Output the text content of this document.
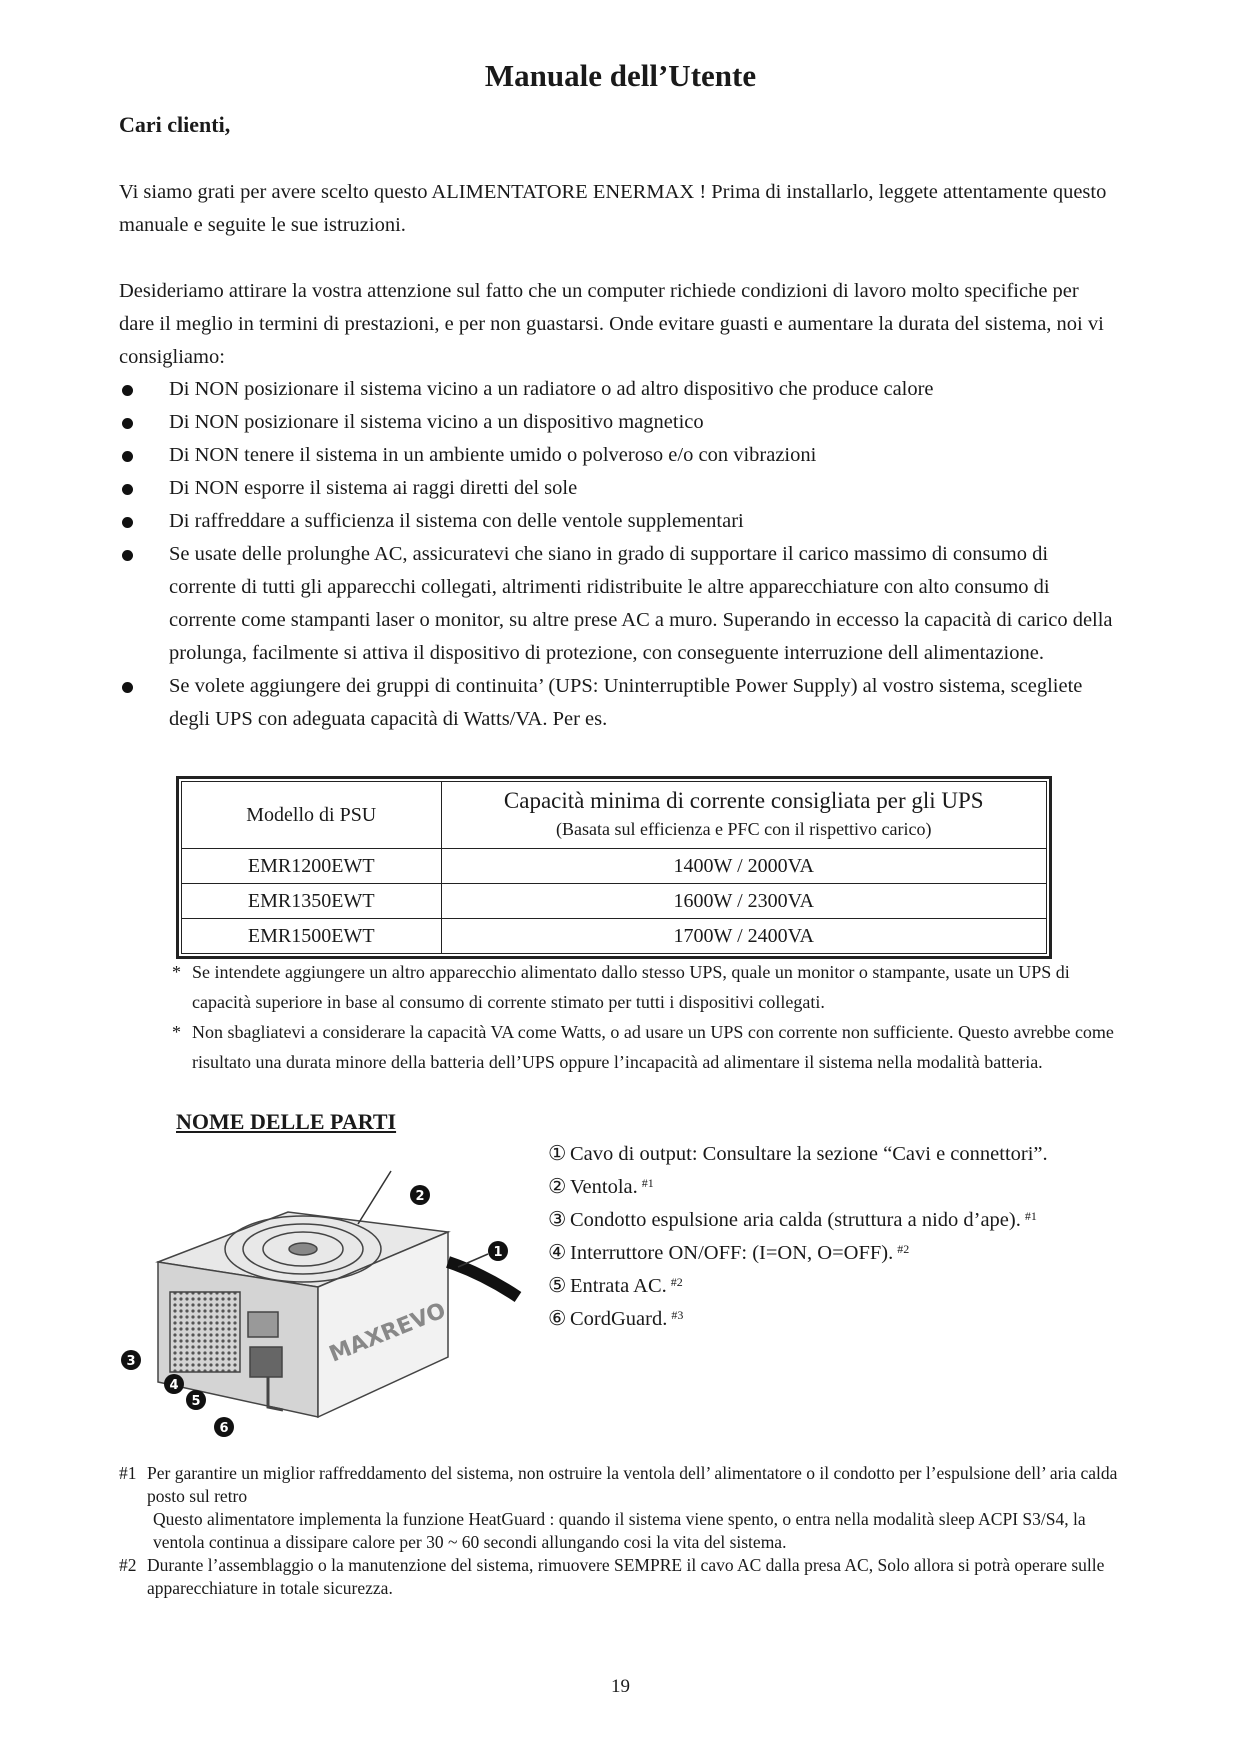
Manuale dell’Utente
Cari clienti,
Vi siamo grati per avere scelto questo ALIMENTATORE ENERMAX ! Prima di installarlo, leggete attentamente questo manuale e seguite le sue istruzioni.
Desideriamo attirare la vostra attenzione sul fatto che un computer richiede condizioni di lavoro molto specifiche per dare il meglio in termini di prestazioni, e per non guastarsi. Onde evitare guasti e aumentare la durata del sistema, noi vi consigliamo:
Di NON posizionare il sistema vicino a un radiatore o ad altro dispositivo che produce calore
Di NON posizionare il sistema vicino a un dispositivo magnetico
Di NON tenere il sistema in un ambiente umido o polveroso e/o con vibrazioni
Di NON esporre il sistema ai raggi diretti del sole
Di raffreddare a sufficienza il sistema con delle ventole supplementari
Se usate delle prolunghe AC, assicuratevi che siano in grado di supportare il carico massimo di consumo di corrente di tutti gli apparecchi collegati, altrimenti ridistribuite le altre apparecchiature con alto consumo di corrente come stampanti laser o monitor, su altre prese AC a muro. Superando in eccesso la capacità di carico della prolunga, facilmente si attiva il dispositivo di protezione, con conseguente interruzione dell alimentazione.
Se volete aggiungere dei gruppi di continuita’ (UPS: Uninterruptible Power Supply) al vostro sistema, scegliete degli UPS con adeguata capacità di Watts/VA. Per es.
Modello di PSU	Capacità minima di corrente consigliata per gli UPS
(Basata sul efficienza e PFC con il rispettivo carico)

EMR1200EWT	1400W / 2000VA
EMR1350EWT	1600W / 2300VA
EMR1500EWT	1700W / 2400VA
* Se intendete aggiungere un altro apparecchio alimentato dallo stesso UPS, quale un monitor o stampante, usate un UPS di capacità superiore in base al consumo di corrente stimato per tutti i dispositivi collegati.
* Non sbagliatevi a considerare la capacità VA come Watts, o ad usare un UPS con corrente non sufficiente. Questo avrebbe come risultato una durata minore della batteria dell’UPS oppure l’incapacità ad alimentare il sistema nella modalità batteria.
NOME DELLE PARTI
MAXREVO
1
2
3
4
5
6
① Cavo di output: Consultare la sezione “Cavi e connettori”.
② Ventola. $^{\#1}$
③ Condotto espulsione aria calda (struttura a nido d’ape). $^{\#1}$
④ Interruttore ON/OFF: (I=ON, O=OFF). $^{\#2}$
⑤ Entrata AC. $^{\#2}$
⑥ CordGuard. $^{\#3}$
#1 Per garantire un miglior raffreddamento del sistema, non ostruire la ventola dell’ alimentatore o il condotto per l’espulsione dell’ aria calda posto sul retro
Questo alimentatore implementa la funzione HeatGuard : quando il sistema viene spento, o entra nella modalità sleep ACPI S3/S4, la ventola continua a dissipare calore per 30 ~ 60 secondi allungando cosi la vita del sistema.
#2 Durante l’assemblaggio o la manutenzione del sistema, rimuovere SEMPRE il cavo AC dalla presa AC, Solo allora si potrà operare sulle apparecchiature in totale sicurezza.
19
